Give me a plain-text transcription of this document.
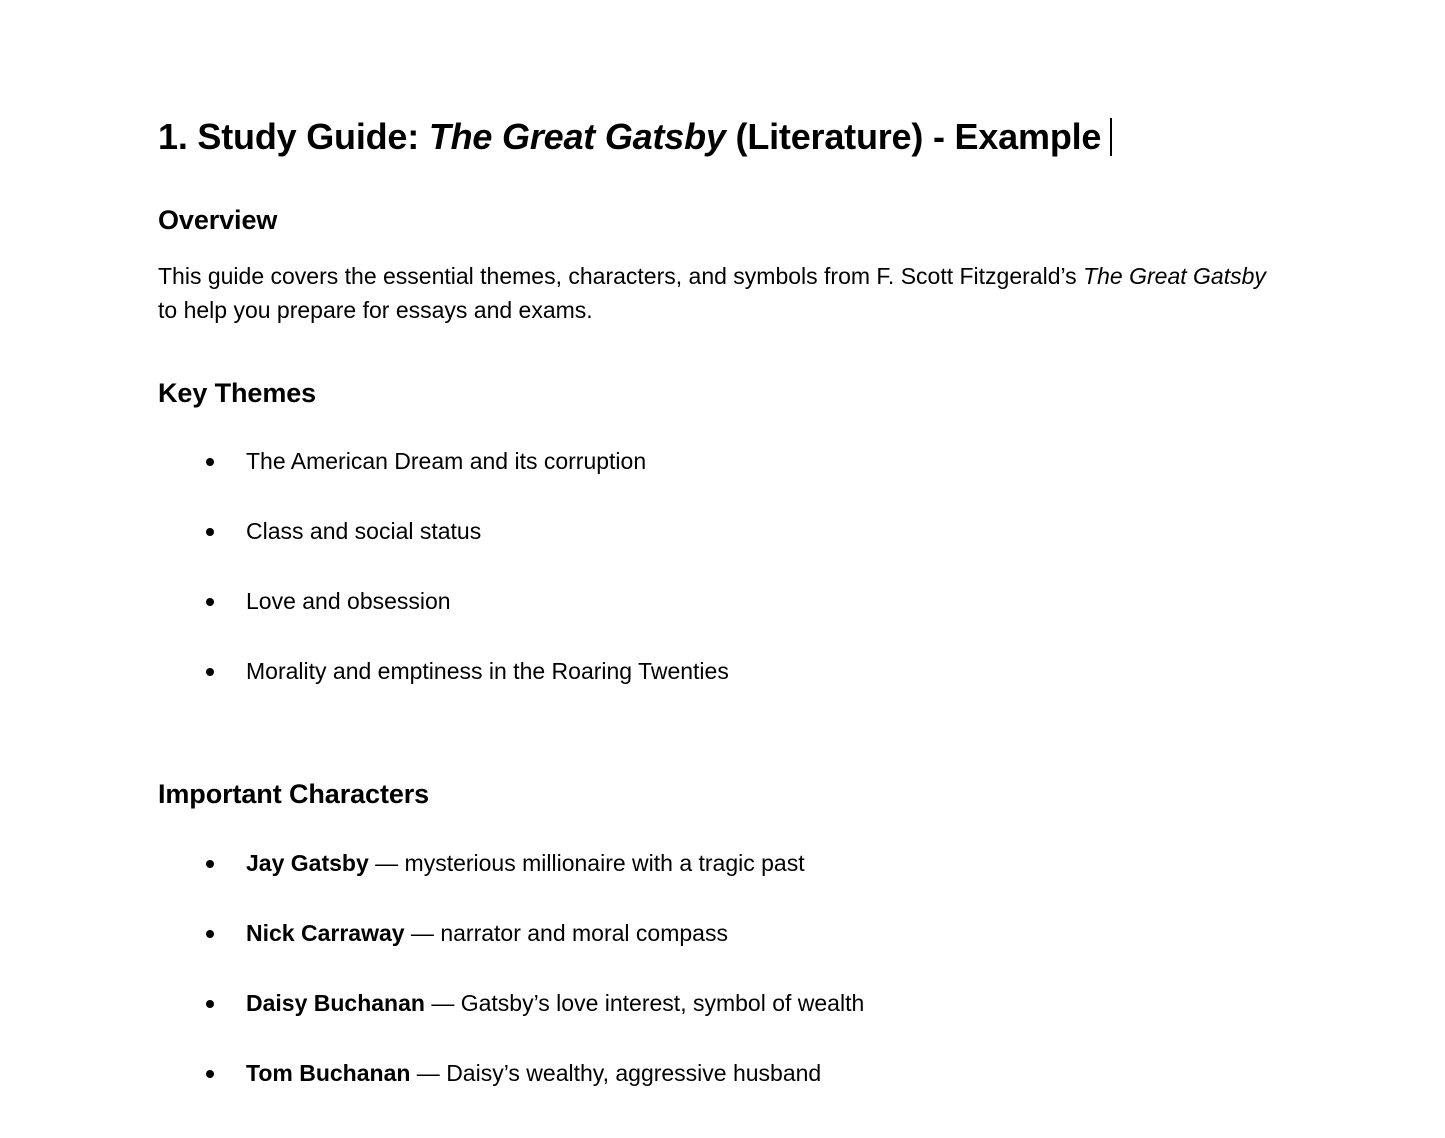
1. Study Guide: The Great Gatsby (Literature) - Example
Overview

This guide covers the essential themes, characters, and symbols from F. Scott Fitzgerald’s The Great Gatsby to help you prepare for essays and exams.

Key Themes
The American Dream and its corruption
Class and social status
Love and obsession
Morality and emptiness in the Roaring Twenties
Important Characters
Jay Gatsby — mysterious millionaire with a tragic past
Nick Carraway — narrator and moral compass
Daisy Buchanan — Gatsby’s love interest, symbol of wealth
Tom Buchanan — Daisy’s wealthy, aggressive husband
